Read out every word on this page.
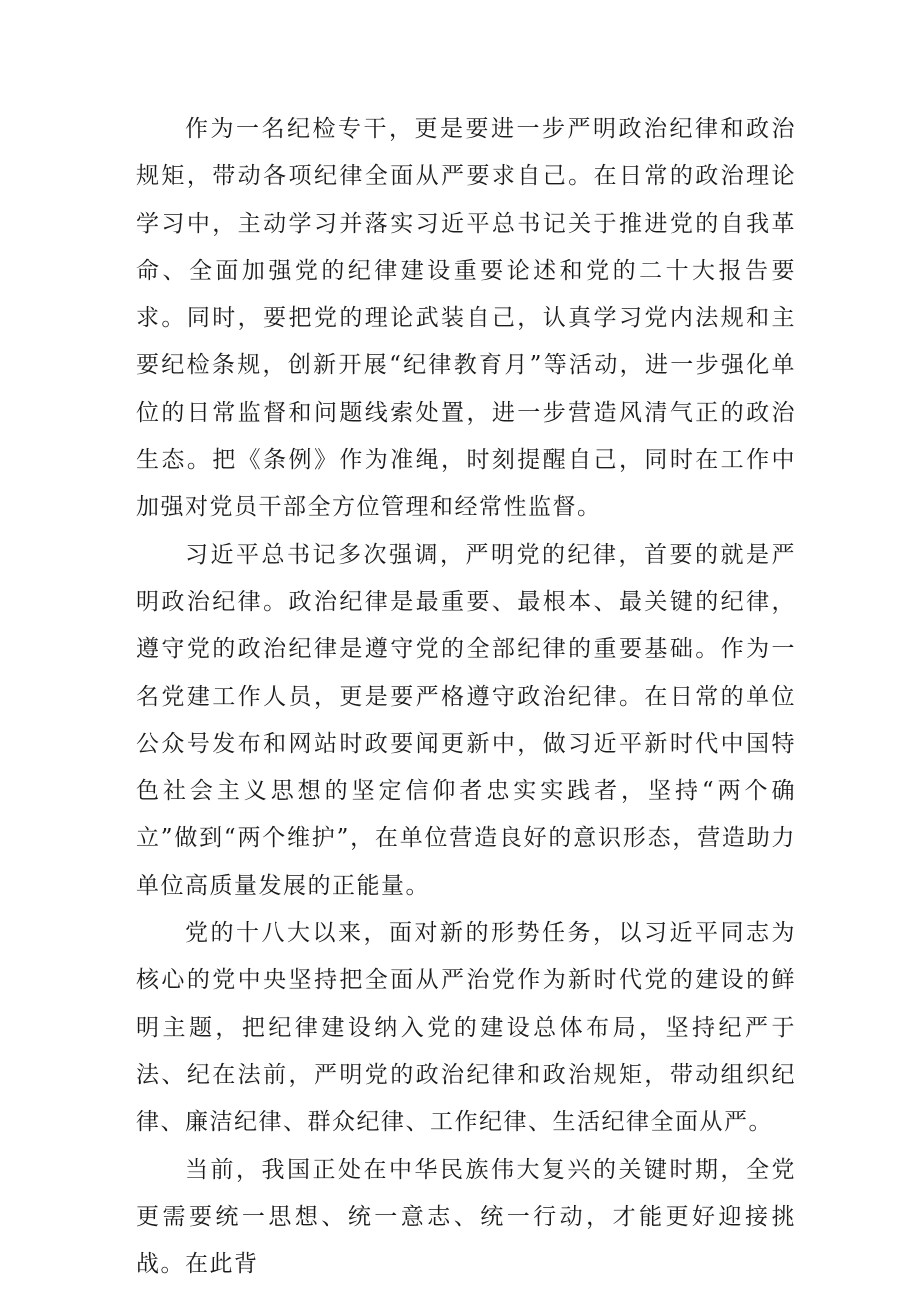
作为一名纪检专干，更是要进一步严明政治纪律和政治规矩，带动各项纪律全面从严要求自己。在日常的政治理论学习中，主动学习并落实习近平总书记关于推进党的自我革命、全面加强党的纪律建设重要论述和党的二十大报告要求。同时，要把党的理论武装自己，认真学习党内法规和主要纪检条规，创新开展“纪律教育月”等活动，进一步强化单位的日常监督和问题线索处置，进一步营造风清气正的政治生态。把《条例》作为准绳，时刻提醒自己，同时在工作中加强对党员干部全方位管理和经常性监督。

习近平总书记多次强调，严明党的纪律，首要的就是严明政治纪律。政治纪律是最重要、最根本、最关键的纪律，遵守党的政治纪律是遵守党的全部纪律的重要基础。作为一名党建工作人员，更是要严格遵守政治纪律。在日常的单位公众号发布和网站时政要闻更新中，做习近平新时代中国特色社会主义思想的坚定信仰者忠实实践者，坚持“两个确立”做到“两个维护”，在单位营造良好的意识形态，营造助力单位高质量发展的正能量。

党的十八大以来，面对新的形势任务，以习近平同志为核心的党中央坚持把全面从严治党作为新时代党的建设的鲜明主题，把纪律建设纳入党的建设总体布局，坚持纪严于法、纪在法前，严明党的政治纪律和政治规矩，带动组织纪律、廉洁纪律、群众纪律、工作纪律、生活纪律全面从严。

当前，我国正处在中华民族伟大复兴的关键时期，全党更需要统一思想、统一意志、统一行动，才能更好迎接挑战。在此背
